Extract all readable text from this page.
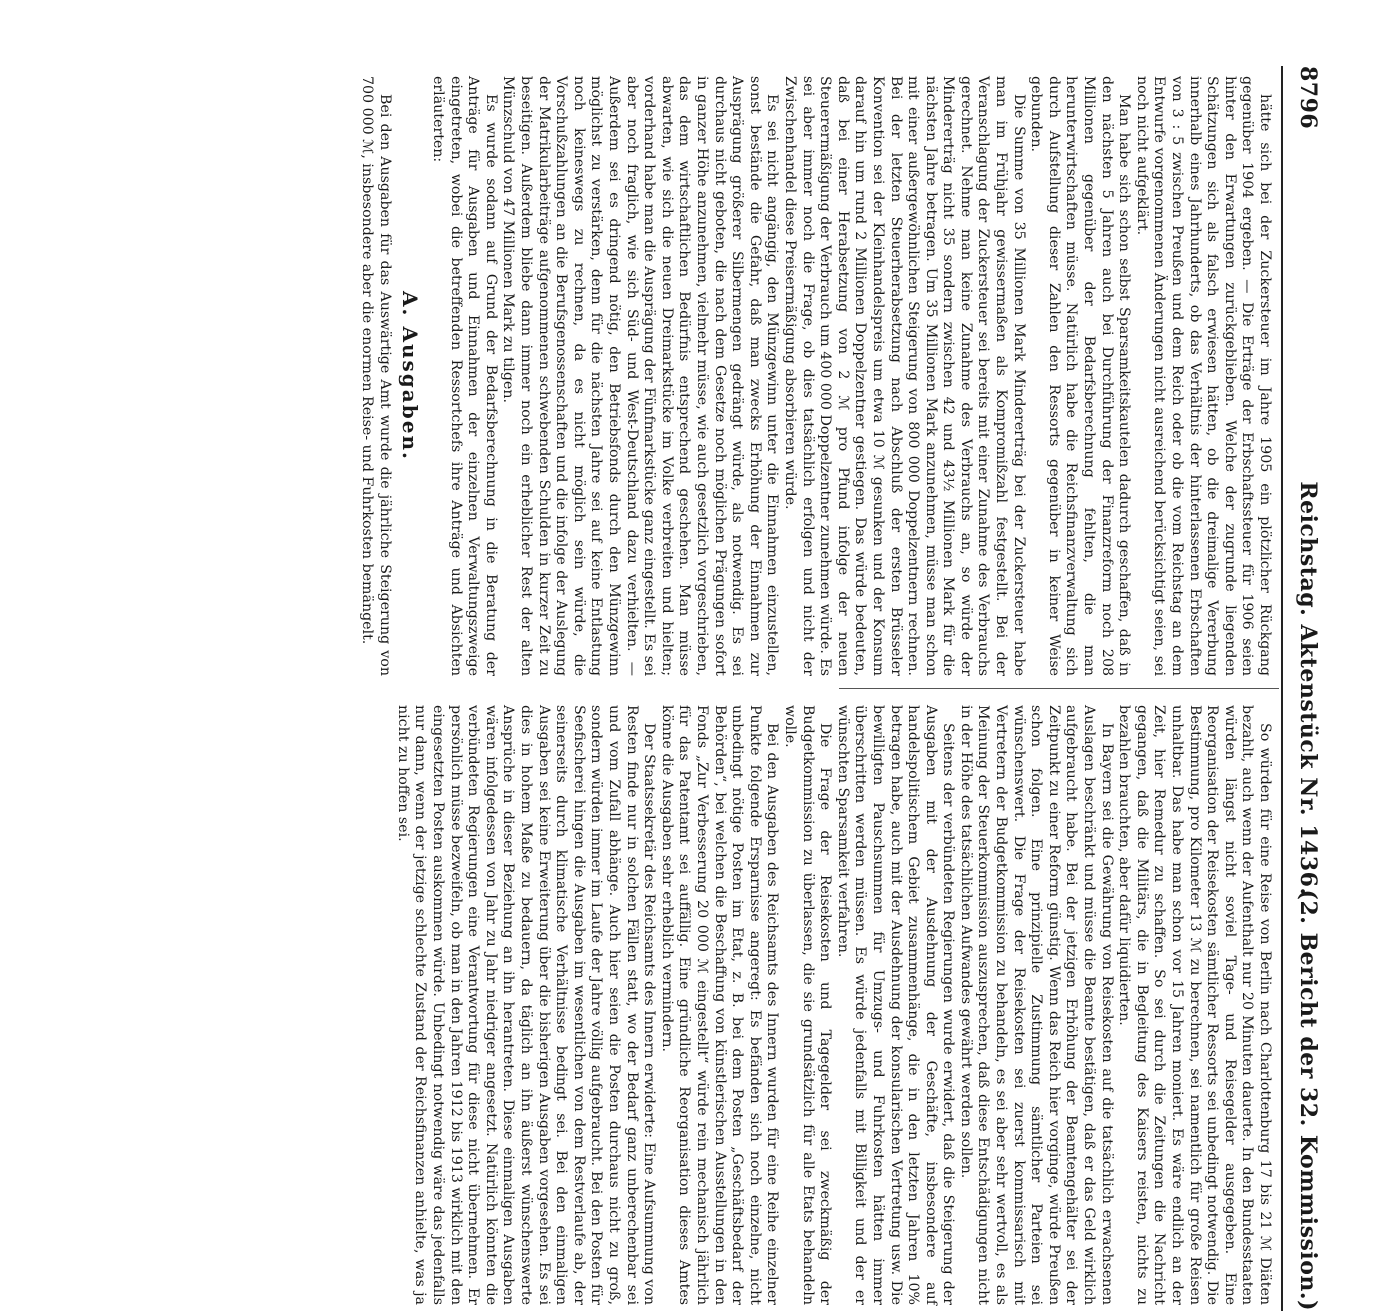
8796
Reichstag. Aktenstück Nr. 1436.
(2. Bericht der 32. Kommission.)

hätte sich bei der Zuckersteuer im Jahre 1905 ein plötzlicher Rückgang gegenüber 1904 ergeben. — Die Erträge der Erbschaftssteuer für 1906 seien hinter den Erwartungen zurückgeblieben. Welche der zugrunde liegenden Schätzungen sich als falsch erwiesen hätten, ob die dreimalige Vererbung innerhalb eines Jahrhunderts, ob das Verhältnis der hinterlassenen Erbschaften von 3 : 5 zwischen Preußen und dem Reich oder ob die vom Reichstag an dem Entwurfe vorgenommenen Änderungen nicht ausreichend berücksichtigt seien, sei noch nicht aufgeklärt.

Man habe sich schon selbst Sparsamkeitskautelen dadurch geschaffen, daß in den nächsten 5 Jahren auch bei Durchführung der Finanzreform noch 208 Millionen gegenüber der Bedarfsberechnung fehlten, die man herunterwirtschaften müsse. Natürlich habe die Reichsfinanzverwaltung sich durch Aufstellung dieser Zahlen den Ressorts gegenüber in keiner Weise gebunden.

Die Summe von 35 Millionen Mark Mindererträg bei der Zuckersteuer habe man im Frühjahr gewissermaßen als Kompromißzahl festgestellt. Bei der Veranschlagung der Zuckersteuer sei bereits mit einer Zunahme des Verbrauchs gerechnet. Nehme man keine Zunahme des Verbrauchs an, so würde der Mindererträg nicht 35 sondern zwischen 42 und 43½ Millionen Mark für die nächsten Jahre betragen. Um 35 Millionen Mark anzunehmen, müsse man schon mit einer außergewöhnlichen Steigerung von 800 000 Doppelzentnern rechnen. Bei der letzten Steuerherabsetzung nach Abschluß der ersten Brüsseler Konvention sei der Kleinhandelspreis um etwa 10 ℳ gesunken und der Konsum darauf hin um rund 2 Millionen Doppelzentner gestiegen. Das würde bedeuten, daß bei einer Herabsetzung von 2 ℳ pro Pfund infolge der neuen Steuerermäßigung der Verbrauch um 400 000 Doppelzentner zunehmen würde. Es sei aber immer noch die Frage, ob dies tatsächlich erfolgen und nicht der Zwischenhandel diese Preisermäßigung absorbieren würde.

Es sei nicht angängig, den Münzgewinn unter die Einnahmen einzustellen, sonst bestände die Gefahr, daß man zwecks Erhöhung der Einnahmen zur Ausprägung größerer Silbermengen gedrängt würde, als notwendig. Es sei durchaus nicht geboten, die nach dem Gesetze noch möglichen Prägungen sofort in ganzer Höhe anzunehmen, vielmehr müsse, wie auch gesetzlich vorgeschrieben, das dem wirtschaftlichen Bedürfnis entsprechend geschehen. Man müsse abwarten, wie sich die neuen Dreimarkstücke im Volke verbreiten und hielten; vorderhand habe man die Ausprägung der Fünfmarkstücke ganz eingestellt. Es sei aber noch fraglich, wie sich Süd- und West-Deutschland dazu verhielten. — Außerdem sei es dringend nötig, den Betriebsfonds durch den Münzgewinn möglichst zu verstärken, denn für die nächsten Jahre sei auf keine Entlastung noch keineswegs zu rechnen, da es nicht möglich sein würde, die Vorschußzahlungen an die Berufsgenossenschaften und die infolge der Auslegung der Matrikularbeiträge aufgenommenen schwebenden Schulden in kurzer Zeit zu beseitigen. Außerdem bliebe dann immer noch ein erheblicher Rest der alten Münzschuld von 47 Millionen Mark zu tilgen.

Es wurde sodann auf Grund der Bedarfsberechnung in die Beratung der Anträge für Ausgaben und Einnahmen der einzelnen Verwaltungszweige eingetreten, wobei die betreffenden Ressortchefs ihre Anträge und Absichten erläuterten:

A. Ausgaben.

Bei den Ausgaben für das Auswärtige Amt wurde die jährliche Steigerung von 700 000 ℳ, insbesondere aber die enormen Reise- und Fuhrkosten bemängelt.

So würden für eine Reise von Berlin nach Charlottenburg 17 bis 21 ℳ Diäten bezahlt, auch wenn der Aufenthalt nur 20 Minuten dauerte. In den Bundesstaaten würden längst nicht soviel Tage- und Reisegelder ausgegeben. Eine Reorganisation der Reisekosten sämtlicher Ressorts sei unbedingt notwendig. Die Bestimmung, pro Kilometer 13 ℳ zu berechnen, sei namentlich für große Reisen unhaltbar. Das habe man schon vor 15 Jahren moniert. Es wäre endlich an der Zeit, hier Remedur zu schaffen. So sei durch die Zeitungen die Nachricht gegangen, daß die Militärs, die in Begleitung des Kaisers reisten, nichts zu bezahlen brauchten, aber dafür liquidierten.

In Bayern sei die Gewährung von Reisekosten auf die tatsächlich erwachsenen Auslagen beschränkt und müsse die Beamte bestätigen, daß er das Geld wirklich aufgebraucht habe. Bei der jetzigen Erhöhung der Beamtengehälter sei der Zeitpunkt zu einer Reform günstig. Wenn das Reich hier vorginge, würde Preußen schon folgen. Eine prinzipielle Zustimmung sämtlicher Parteien sei wünschenswert. Die Frage der Reisekosten sei zuerst kommissarisch mit Vertretern der Budgetkommission zu behandeln, es sei aber sehr wertvoll, es als Meinung der Steuerkommission auszusprechen, daß diese Entschädigungen nicht in der Höhe des tatsächlichen Aufwandes gewährt werden sollen.

Seitens der verbündeten Regierungen wurde erwidert, daß die Steigerung der Ausgaben mit der Ausdehnung der Geschäfte, insbesondere auf handelspolitischem Gebiet zusammenhänge, die in den letzten Jahren 10% betragen habe, auch mit der Ausdehnung der konsularischen Vertretung usw. Die bewilligten Pauschsummen für Umzugs- und Fuhrkosten hätten immer überschritten werden müssen. Es würde jedenfalls mit Billigkeit und der er wünschten Sparsamkeit verfahren.

Die Frage der Reisekosten und Tagegelder sei zweckmäßig der Budgetkommission zu überlassen, die sie grundsätzlich für alle Etats behandeln wolle.

Bei den Ausgaben des Reichsamts des Innern wurden für eine Reihe einzelner Punkte folgende Ersparnisse angeregt: Es befänden sich noch einzelne, nicht unbedingt nötige Posten im Etat, z. B. bei dem Posten „Geschäftsbedarf der Behörden“, bei welchen die Beschaffung von künstlerischen Ausstellungen in den Fonds „Zur Verbesserung 20 000 ℳ eingestellt“ würde rein mechanisch jährlich für das Patentamt sei auffällig. Eine gründliche Reorganisation dieses Amtes könne die Ausgaben sehr erheblich vermindern.

Der Staatssekretär des Reichsamts des Innern erwiderte: Eine Aufsummung von Resten finde nur in solchen Fällen statt, wo der Bedarf ganz unberechenbar sei und vom Zufall abhänge. Auch hier seien die Posten durchaus nicht zu groß, sondern würden immer im Laufe der Jahre völlig aufgebraucht. Bei den Posten für Seefischerei hingen die Ausgaben im wesentlichen von dem Restverlaufe ab, der seinerseits durch klimatische Verhältnisse bedingt sei. Bei den einmaligen Ausgaben sei keine Erweiterung über die bisherigen Ausgaben vorgesehen. Es sei dies in hohem Maße zu bedauern, da täglich an ihn äußerst wünschenswerte Ansprüche in dieser Beziehung an ihn herantreten. Diese einmaligen Ausgaben wären infolgedessen von Jahr zu Jahr niedriger angesetzt. Natürlich könnten die verbündeten Regierungen eine Verantwortung für diese nicht übernehmen. Er persönlich müsse bezweifeln, ob man in den Jahren 1912 bis 1913 wirklich mit den eingesetzten Posten auskommen würde. Unbedingt notwendig wäre das jedenfalls nur dann, wenn der jetzige schlechte Zustand der Reichsfinanzen anhielte, was ja nicht zu hoffen sei.
